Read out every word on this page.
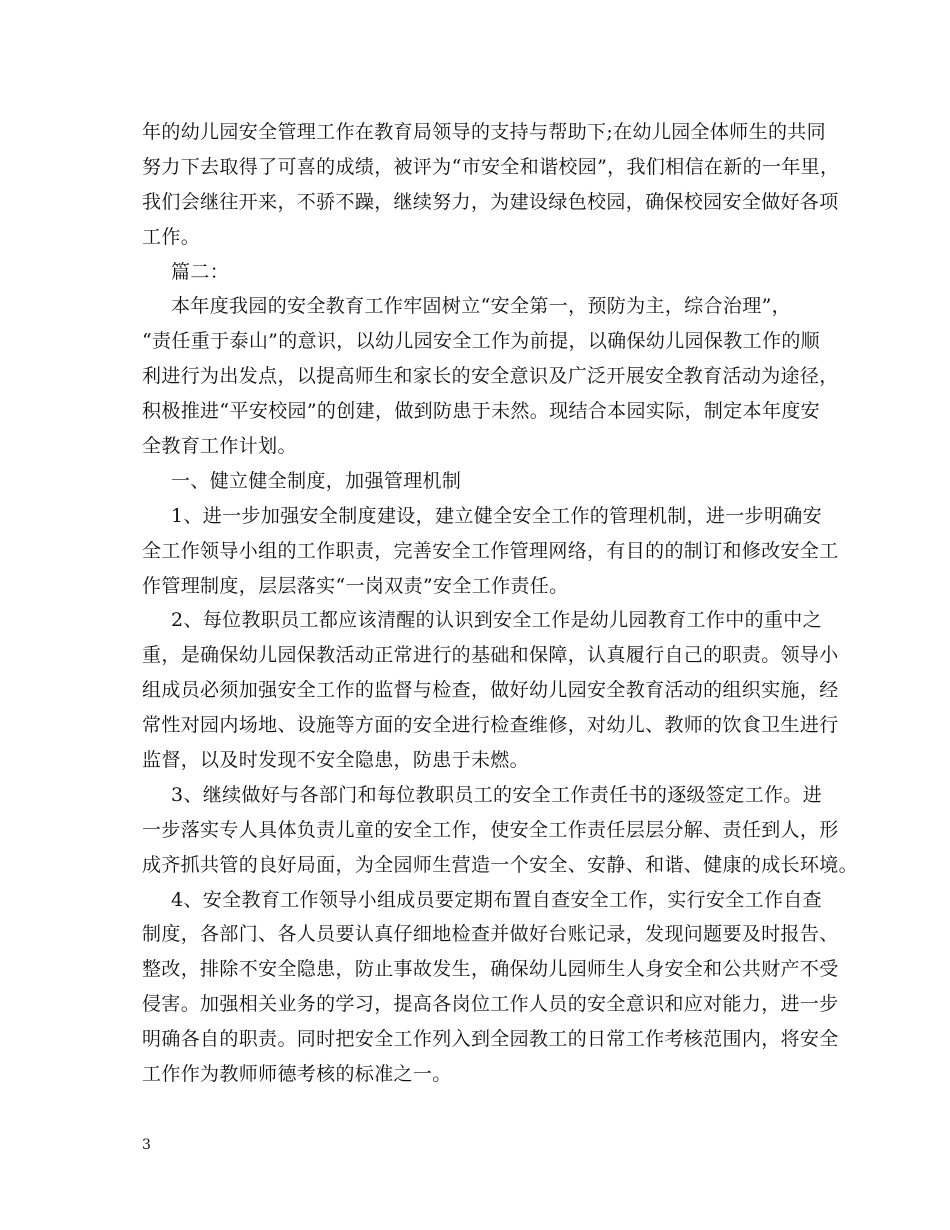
年的幼儿园安全管理工作在教育局领导的支持与帮助下;在幼儿园全体师生的共同
努力下去取得了可喜的成绩，被评为“市安全和谐校园”，我们相信在新的一年里，
我们会继往开来，不骄不躁，继续努力，为建设绿色校园，确保校园安全做好各项
工作。
篇二：
本年度我园的安全教育工作牢固树立“安全第一，预防为主，综合治理”，
“责任重于泰山”的意识，以幼儿园安全工作为前提，以确保幼儿园保教工作的顺
利进行为出发点，以提高师生和家长的安全意识及广泛开展安全教育活动为途径，
积极推进“平安校园”的创建，做到防患于未然。现结合本园实际，制定本年度安
全教育工作计划。
一、健立健全制度，加强管理机制
1、进一步加强安全制度建设，建立健全安全工作的管理机制，进一步明确安
全工作领导小组的工作职责，完善安全工作管理网络，有目的的制订和修改安全工
作管理制度，层层落实“一岗双责”安全工作责任。
2、每位教职员工都应该清醒的认识到安全工作是幼儿园教育工作中的重中之
重，是确保幼儿园保教活动正常进行的基础和保障，认真履行自己的职责。领导小
组成员必须加强安全工作的监督与检查，做好幼儿园安全教育活动的组织实施，经
常性对园内场地、设施等方面的安全进行检查维修，对幼儿、教师的饮食卫生进行
监督，以及时发现不安全隐患，防患于未燃。
3、继续做好与各部门和每位教职员工的安全工作责任书的逐级签定工作。进
一步落实专人具体负责儿童的安全工作，使安全工作责任层层分解、责任到人，形
成齐抓共管的良好局面，为全园师生营造一个安全、安静、和谐、健康的成长环境。
4、安全教育工作领导小组成员要定期布置自查安全工作，实行安全工作自查
制度，各部门、各人员要认真仔细地检查并做好台账记录，发现问题要及时报告、
整改，排除不安全隐患，防止事故发生，确保幼儿园师生人身安全和公共财产不受
侵害。加强相关业务的学习，提高各岗位工作人员的安全意识和应对能力，进一步
明确各自的职责。同时把安全工作列入到全园教工的日常工作考核范围内，将安全
工作作为教师师德考核的标准之一。
3
